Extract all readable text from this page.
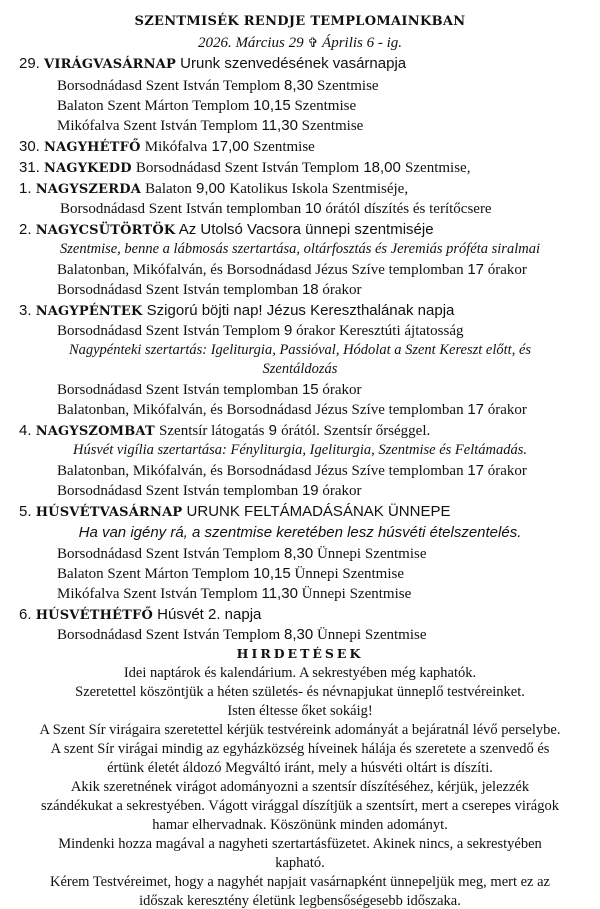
SZENTMISÉK RENDJE TEMPLOMAINKBAN
2026. Március 29 ✞ Április 6 - ig.
29. VIRÁGVASÁRNAP Urunk szenvedésének vasárnapja
Borsodnádasd Szent István Templom 8,30 Szentmise
Balaton Szent Márton Templom 10,15 Szentmise
Mikófalva Szent István Templom 11,30 Szentmise
30. NAGYHÉTFŐ Mikófalva 17,00 Szentmise
31. NAGYKEDD Borsodnádasd Szent István Templom 18,00 Szentmise,
1. NAGYSZERDA Balaton 9,00 Katolikus Iskola Szentmiséje,
Borsodnádasd Szent István templomban 10 órától díszítés és terítőcsere
2. NAGYCSÜTÖRTÖK Az Utolsó Vacsora ünnepi szentmiséje
Szentmise, benne a lábmosás szertartása, oltárfosztás és Jeremiás próféta siralmai
Balatonban, Mikófalván, és Borsodnádasd Jézus Szíve templomban 17 órakor
Borsodnádasd Szent István templomban 18 órakor
3. NAGYPÉNTEK Szigorú böjti nap! Jézus Kereszthalának napja
Borsodnádasd Szent István Templom 9 órakor Keresztúti ájtatosság
Nagypénteki szertartás: Igeliturgia, Passióval, Hódolat a Szent Kereszt előtt, és
Szentáldozás
Borsodnádasd Szent István templomban 15 órakor
Balatonban, Mikófalván, és Borsodnádasd Jézus Szíve templomban 17 órakor
4. NAGYSZOMBAT Szentsír látogatás 9 órától. Szentsír őrséggel.
Húsvét vigília szertartása: Fényliturgia, Igeliturgia, Szentmise és Feltámadás.
Balatonban, Mikófalván, és Borsodnádasd Jézus Szíve templomban 17 órakor
Borsodnádasd Szent István templomban 19 órakor
5. HÚSVÉTVASÁRNAP URUNK FELTÁMADÁSÁNAK ÜNNEPE
Ha van igény rá, a szentmise keretében lesz húsvéti ételszentelés.
Borsodnádasd Szent István Templom 8,30 Ünnepi Szentmise
Balaton Szent Márton Templom 10,15 Ünnepi Szentmise
Mikófalva Szent István Templom 11,30 Ünnepi Szentmise
6. HÚSVÉTHÉTFŐ Húsvét 2. napja
Borsodnádasd Szent István Templom 8,30 Ünnepi Szentmise
HIRDETÉSEK
Idei naptárok és kalendárium. A sekrestyében még kaphatók.
Szeretettel köszöntjük a héten születés- és névnapjukat ünneplő testvéreinket.
Isten éltesse őket sokáig!
A Szent Sír virágaira szeretettel kérjük testvéreink adományát a bejáratnál lévő perselybe.
A szent Sír virágai mindig az egyházközség híveinek hálája és szeretete a szenvedő és
értünk életét áldozó Megváltó iránt, mely a húsvéti oltárt is díszíti.
Akik szeretnének virágot adományozni a szentsír díszítéséhez, kérjük, jelezzék
szándékukat a sekrestyében. Vágott virággal díszítjük a szentsírt, mert a cserepes virágok
hamar elhervadnak. Köszönünk minden adományt.
Mindenki hozza magával a nagyheti szertartásfüzetet. Akinek nincs, a sekrestyében
kapható.
Kérem Testvéreimet, hogy a nagyhét napjait vasárnapként ünnepeljük meg, mert ez az
időszak keresztény életünk legbensőségesebb időszaka.
